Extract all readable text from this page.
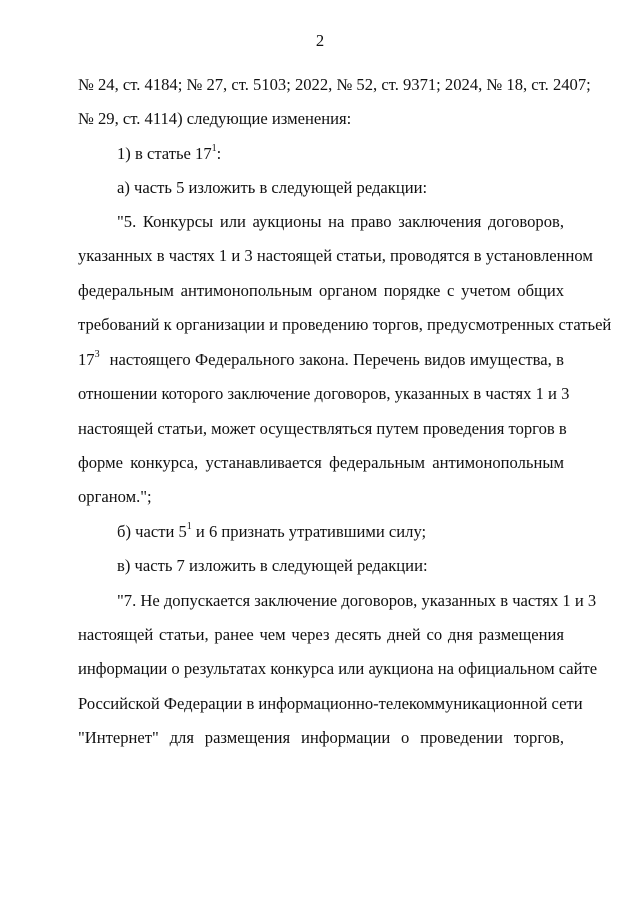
2
№ 24, ст. 4184; № 27, ст. 5103; 2022, № 52, ст. 9371; 2024, № 18, ст. 2407;
№ 29, ст. 4114) следующие изменения:
1) в статье $17^1$:
а) часть 5 изложить в следующей редакции:
"5. Конкурсы или аукционы на право заключения договоров,
указанных в частях 1 и 3 настоящей статьи, проводятся в установленном
федеральным антимонопольным органом порядке с учетом общих
требований к организации и проведению торгов, предусмотренных статьей
$17^3$ настоящего Федерального закона. Перечень видов имущества, в
отношении которого заключение договоров, указанных в частях 1 и 3
настоящей статьи, может осуществляться путем проведения торгов в
форме конкурса, устанавливается федеральным антимонопольным
органом.";
б) части $5^1$ и 6 признать утратившими силу;
в) часть 7 изложить в следующей редакции:
"7. Не допускается заключение договоров, указанных в частях 1 и 3
настоящей статьи, ранее чем через десять дней со дня размещения
информации о результатах конкурса или аукциона на официальном сайте
Российской Федерации в информационно-телекоммуникационной сети
"Интернет" для размещения информации о проведении торгов,
